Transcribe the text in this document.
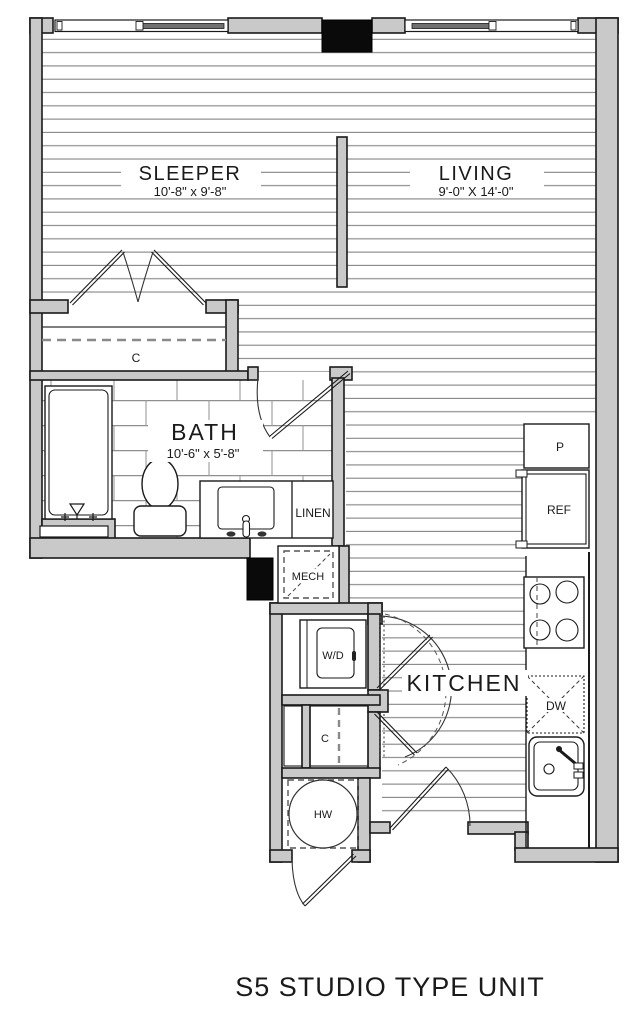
C
LINEN
MECH
P
REF
DW
W/D
C
HW
SLEEPER
10'-8" x 9'-8"
LIVING
9'-0" X 14'-0"
BATH
10'-6" x 5'-8"
KITCHEN
S5 STUDIO TYPE UNIT
